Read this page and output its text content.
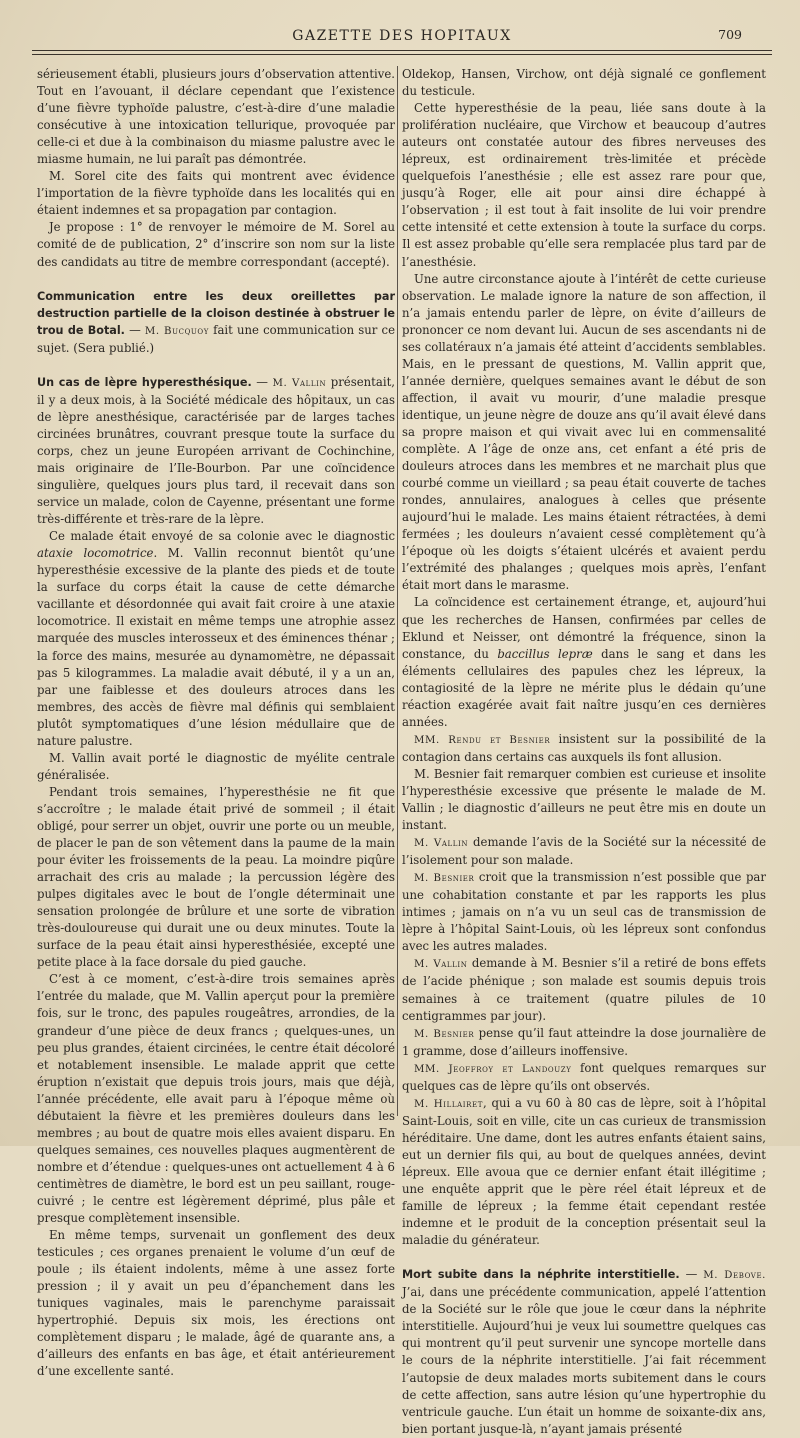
GAZETTE DES HOPITAUX	709

sérieusement établi, plusieurs jours d’observation attentive. Tout en l’avouant, il déclare cependant que l’existence d’une fièvre typhoïde palustre, c’est-à-dire d’une maladie consécutive à une intoxication tellurique, provoquée par celle-ci et due à la combinaison du miasme palustre avec le miasme humain, ne lui paraît pas démontrée.

M. Sorel cite des faits qui montrent avec évidence l’importation de la fièvre typhoïde dans les localités qui en étaient indemnes et sa propagation par contagion.

Je propose : 1° de renvoyer le mémoire de M. Sorel au comité de de publication, 2° d’inscrire son nom sur la liste des candidats au titre de membre correspondant (accepté).

Communication entre les deux oreillettes par destruction partielle de la cloison destinée à obstruer le trou de Botal. — M. Bucquoy fait une communication sur ce sujet. (Sera publié.)

Un cas de lèpre hyperesthésique. — M. Vallin présentait, il y a deux mois, à la Société médicale des hôpitaux, un cas de lèpre anesthésique, caractérisée par de larges taches circinées brunâtres, couvrant presque toute la surface du corps, chez un jeune Européen arrivant de Cochinchine, mais originaire de l’Ile-Bourbon. Par une coïncidence singulière, quelques jours plus tard, il recevait dans son service un malade, colon de Cayenne, présentant une forme très-différente et très-rare de la lèpre.

Ce malade était envoyé de sa colonie avec le diagnostic ataxie locomotrice. M. Vallin reconnut bientôt qu’une hyperesthésie excessive de la plante des pieds et de toute la surface du corps était la cause de cette démarche vacillante et désordonnée qui avait fait croire à une ataxie locomotrice. Il existait en même temps une atrophie assez marquée des muscles interosseux et des éminences thénar ; la force des mains, mesurée au dynamomètre, ne dépassait pas 5 kilogrammes. La maladie avait débuté, il y a un an, par une faiblesse et des douleurs atroces dans les membres, des accès de fièvre mal définis qui semblaient plutôt symptomatiques d’une lésion médullaire que de nature palustre.

M. Vallin avait porté le diagnostic de myélite centrale généralisée.

Pendant trois semaines, l’hyperesthésie ne fit que s’accroître ; le malade était privé de sommeil ; il était obligé, pour serrer un objet, ouvrir une porte ou un meuble, de placer le pan de son vêtement dans la paume de la main pour éviter les froissements de la peau. La moindre piqûre arrachait des cris au malade ; la percussion légère des pulpes digitales avec le bout de l’ongle déterminait une sensation prolongée de brûlure et une sorte de vibration très-douloureuse qui durait une ou deux minutes. Toute la surface de la peau était ainsi hyperesthésiée, excepté une petite place à la face dorsale du pied gauche.

C’est à ce moment, c’est-à-dire trois semaines après l’entrée du malade, que M. Vallin aperçut pour la première fois, sur le tronc, des papules rougeâtres, arrondies, de la grandeur d’une pièce de deux francs ; quelques-unes, un peu plus grandes, étaient circinées, le centre était décoloré et notablement insensible. Le malade apprit que cette éruption n’existait que depuis trois jours, mais que déjà, l’année précédente, elle avait paru à l’époque même où débutaient la fièvre et les premières douleurs dans les membres ; au bout de quatre mois elles avaient disparu. En quelques semaines, ces nouvelles plaques augmentèrent de nombre et d’étendue : quelques-unes ont actuellement 4 à 6 centimètres de diamètre, le bord est un peu saillant, rouge-cuivré ; le centre est légèrement déprimé, plus pâle et presque complètement insensible.

En même temps, survenait un gonflement des deux testicules ; ces organes prenaient le volume d’un œuf de poule ; ils étaient indolents, même à une assez forte pression ; il y avait un peu d’épanchement dans les tuniques vaginales, mais le parenchyme paraissait hypertrophié. Depuis six mois, les érections ont complètement disparu ; le malade, âgé de quarante ans, a d’ailleurs des enfants en bas âge, et était antérieurement d’une excellente santé.

Oldekop, Hansen, Virchow, ont déjà signalé ce gonflement du testicule.

Cette hyperesthésie de la peau, liée sans doute à la prolifération nucléaire, que Virchow et beaucoup d’autres auteurs ont constatée autour des fibres nerveuses des lépreux, est ordinairement très-limitée et précède quelquefois l’anesthésie ; elle est assez rare pour que, jusqu’à Roger, elle ait pour ainsi dire échappé à l’observation ; il est tout à fait insolite de lui voir prendre cette intensité et cette extension à toute la surface du corps. Il est assez probable qu’elle sera remplacée plus tard par de l’anesthésie.

Une autre circonstance ajoute à l’intérêt de cette curieuse observation. Le malade ignore la nature de son affection, il n’a jamais entendu parler de lèpre, on évite d’ailleurs de prononcer ce nom devant lui. Aucun de ses ascendants ni de ses collatéraux n’a jamais été atteint d’accidents semblables. Mais, en le pressant de questions, M. Vallin apprit que, l’année dernière, quelques semaines avant le début de son affection, il avait vu mourir, d’une maladie presque identique, un jeune nègre de douze ans qu’il avait élevé dans sa propre maison et qui vivait avec lui en commensalité complète. A l’âge de onze ans, cet enfant a été pris de douleurs atroces dans les membres et ne marchait plus que courbé comme un vieillard ; sa peau était couverte de taches rondes, annulaires, analogues à celles que présente aujourd’hui le malade. Les mains étaient rétractées, à demi fermées ; les douleurs n’avaient cessé complètement qu’à l’époque où les doigts s’étaient ulcérés et avaient perdu l’extrémité des phalanges ; quelques mois après, l’enfant était mort dans le marasme.

La coïncidence est certainement étrange, et, aujourd’hui que les recherches de Hansen, confirmées par celles de Eklund et Neisser, ont démontré la fréquence, sinon la constance, du baccillus lepræ dans le sang et dans les éléments cellulaires des papules chez les lépreux, la contagiosité de la lèpre ne mérite plus le dédain qu’une réaction exagérée avait fait naître jusqu’en ces dernières années.

MM. Rendu et Besnier insistent sur la possibilité de la contagion dans certains cas auxquels ils font allusion.

M. Besnier fait remarquer combien est curieuse et insolite l’hyperesthésie excessive que présente le malade de M. Vallin ; le diagnostic d’ailleurs ne peut être mis en doute un instant.

M. Vallin demande l’avis de la Société sur la nécessité de l’isolement pour son malade.

M. Besnier croit que la transmission n’est possible que par une cohabitation constante et par les rapports les plus intimes ; jamais on n’a vu un seul cas de transmission de lèpre à l’hôpital Saint-Louis, où les lépreux sont confondus avec les autres malades.

M. Vallin demande à M. Besnier s’il a retiré de bons effets de l’acide phénique ; son malade est soumis depuis trois semaines à ce traitement (quatre pilules de 10 centigrammes par jour).

M. Besnier pense qu’il faut atteindre la dose journalière de 1 gramme, dose d’ailleurs inoffensive.

MM. Jeoffroy et Landouzy font quelques remarques sur quelques cas de lèpre qu’ils ont observés.

M. Hillairet, qui a vu 60 à 80 cas de lèpre, soit à l’hôpital Saint-Louis, soit en ville, cite un cas curieux de transmission héréditaire. Une dame, dont les autres enfants étaient sains, eut un dernier fils qui, au bout de quelques années, devint lépreux. Elle avoua que ce dernier enfant était illégitime ; une enquête apprit que le père réel était lépreux et de famille de lépreux ; la femme était cependant restée indemne et le produit de la conception présentait seul la maladie du générateur.

Mort subite dans la néphrite interstitielle. — M. Debove. J’ai, dans une précédente communication, appelé l’attention de la Société sur le rôle que joue le cœur dans la néphrite interstitielle. Aujourd’hui je veux lui soumettre quelques cas qui montrent qu’il peut survenir une syncope mortelle dans le cours de la néphrite interstitielle. J’ai fait récemment l’autopsie de deux malades morts subitement dans le cours de cette affection, sans autre lésion qu’une hypertrophie du ventricule gauche. L’un était un homme de soixante-dix ans, bien portant jusque-là, n’ayant jamais présenté
